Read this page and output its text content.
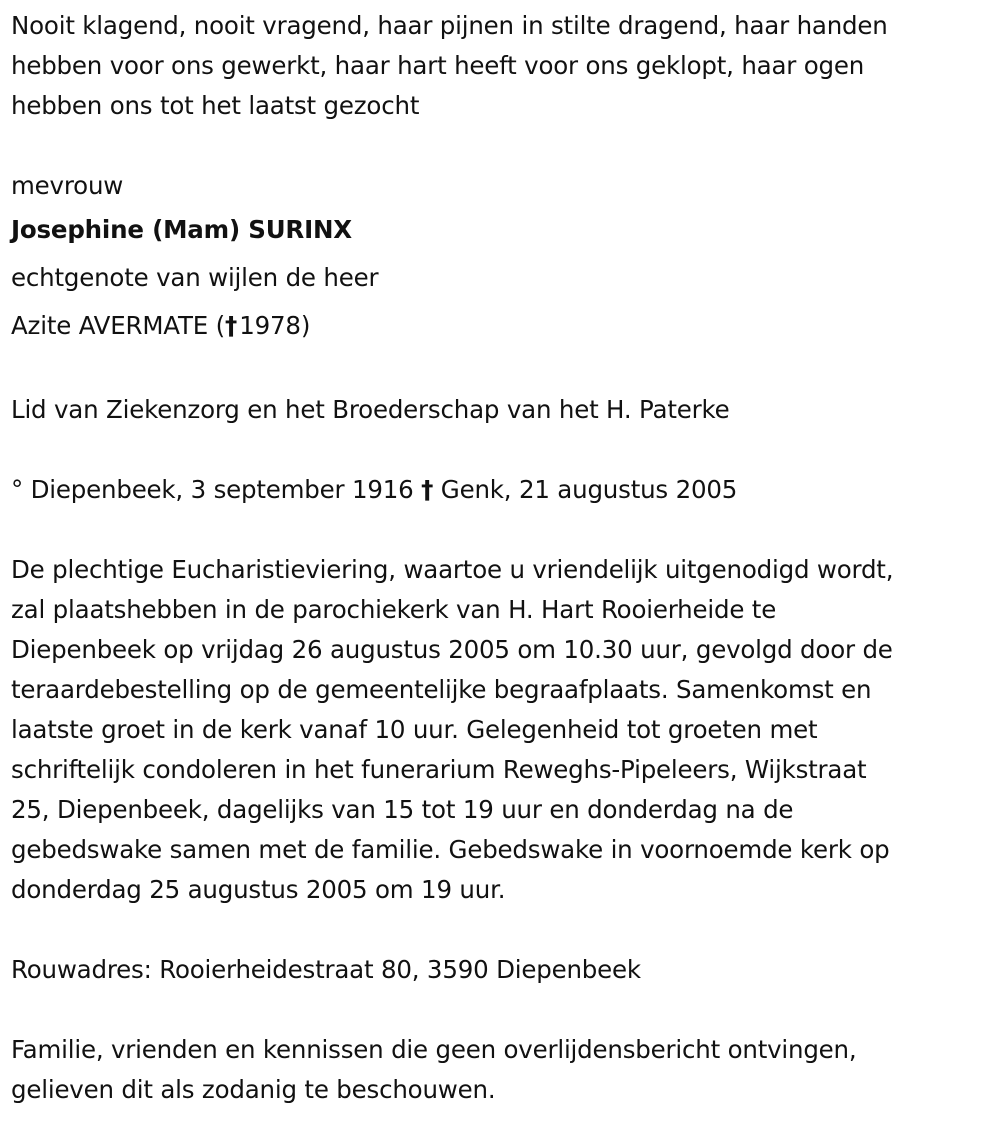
Nooit klagend, nooit vragend, haar pijnen in stilte dragend, haar handen

hebben voor ons gewerkt, haar hart heeft voor ons geklopt, haar ogen

hebben ons tot het laatst gezocht

mevrouw

Josephine (Mam) SURINX

echtgenote van wijlen de heer

Azite AVERMATE († 1978)

Lid van Ziekenzorg en het Broederschap van het H. Paterke

° Diepenbeek, 3 september 1916 † Genk, 21 augustus 2005

De plechtige Eucharistieviering, waartoe u vriendelijk uitgenodigd wordt,

zal plaatshebben in de parochiekerk van H. Hart Rooierheide te

Diepenbeek op vrijdag 26 augustus 2005 om 10.30 uur, gevolgd door de

teraardebestelling op de gemeentelijke begraafplaats. Samenkomst en

laatste groet in de kerk vanaf 10 uur. Gelegenheid tot groeten met

schriftelijk condoleren in het funerarium Reweghs-Pipeleers, Wijkstraat

25, Diepenbeek, dagelijks van 15 tot 19 uur en donderdag na de

gebedswake samen met de familie. Gebedswake in voornoemde kerk op

donderdag 25 augustus 2005 om 19 uur.

Rouwadres: Rooierheidestraat 80, 3590 Diepenbeek

Familie, vrienden en kennissen die geen overlijdensbericht ontvingen,

gelieven dit als zodanig te beschouwen.
